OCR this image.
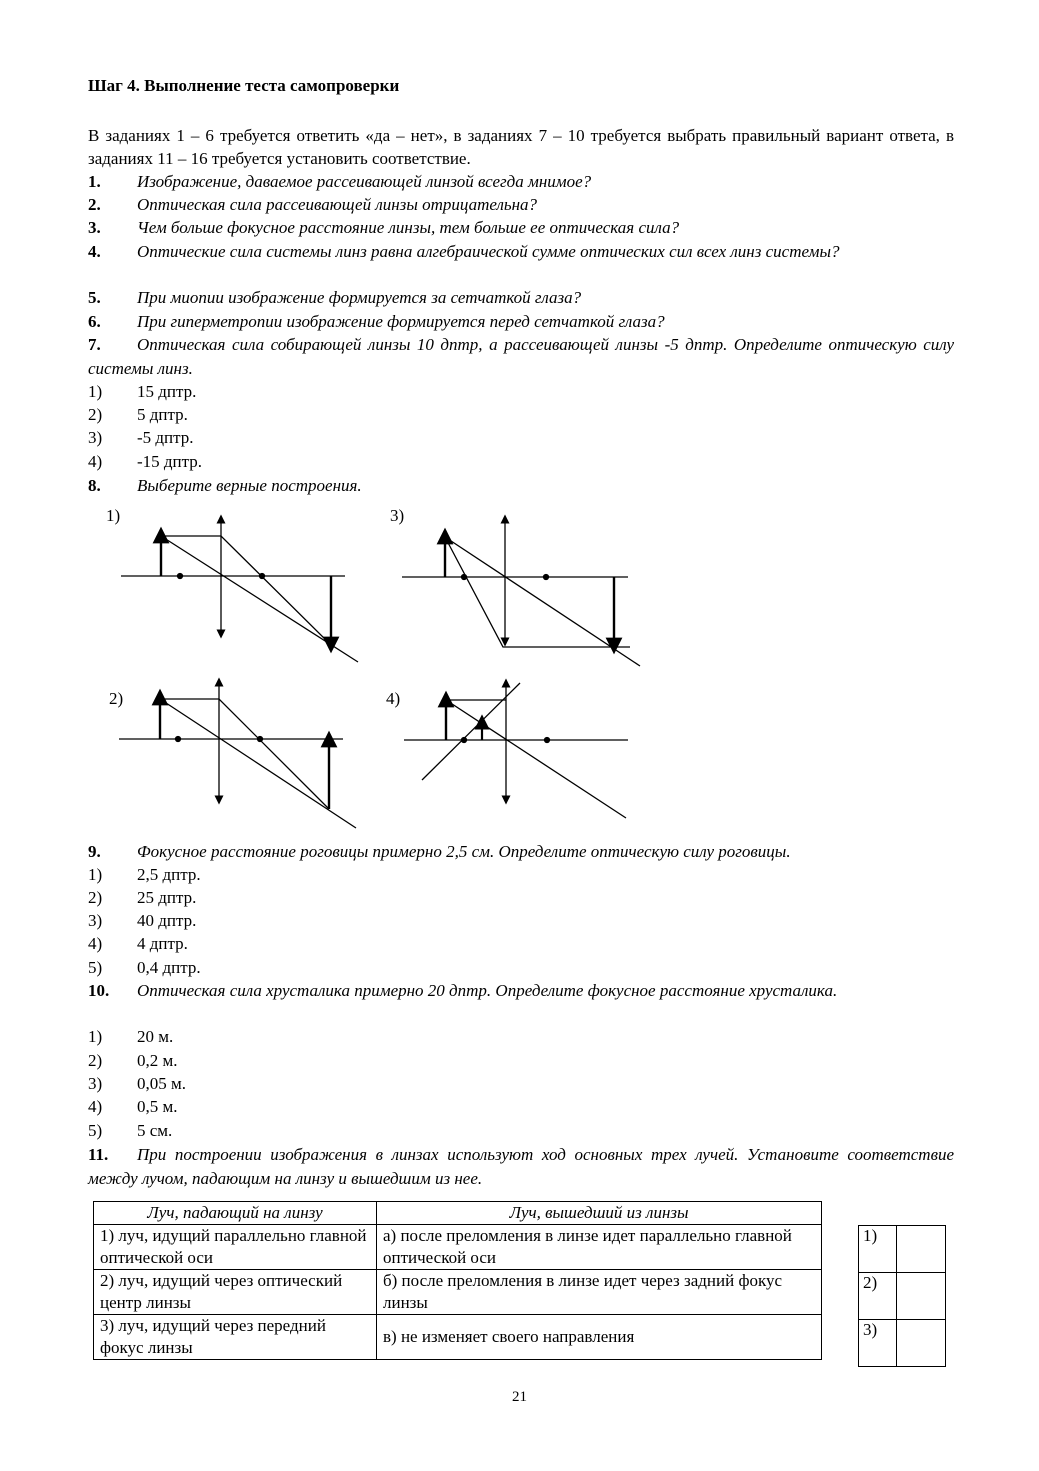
Шаг 4. Выполнение теста самопроверки
В заданиях 1 – 6 требуется ответить «да – нет», в заданиях 7 – 10 требуется выбрать правильный вариант ответа, в заданиях 11 – 16 требуется установить соответствие.
1. Изображение, даваемое рассеивающей линзой всегда мнимое?
2. Оптическая сила рассеивающей линзы отрицательна?
3. Чем больше фокусное расстояние линзы, тем больше ее оптическая сила?
4. Оптические сила системы линз равна алгебраической сумме оптических сил всех линз системы?
5. При миопии изображение формируется за сетчаткой глаза?
6. При гиперметропии изображение формируется перед сетчаткой глаза?
7. Оптическая сила собирающей линзы 10 дптр, а рассеивающей линзы -5 дптр. Определите оптическую силу системы линз.
1) 15 дптр.
2) 5 дптр.
3) -5 дптр.
4) -15 дптр.
8. Выберите верные построения.
1)	3)
2)	4)
9. Фокусное расстояние роговицы примерно 2,5 см. Определите оптическую силу роговицы.
1) 2,5 дптр.
2) 25 дптр.
3) 40 дптр.
4) 4 дптр.
5) 0,4 дптр.
10. Оптическая сила хрусталика примерно 20 дптр. Определите фокусное расстояние хрусталика.
1) 20 м.
2) 0,2 м.
3) 0,05 м.
4) 0,5 м.
5) 5 см.
11. При построении изображения в линзах используют ход основных трех лучей. Установите соответствие между лучом, падающим на линзу и вышедшим из нее.
Луч, падающий на линзу	Луч, вышедший из линзы
1) луч, идущий параллельно главной оптической оси	а) после преломления в линзе идет параллельно главной оптической оси
2) луч, идущий через оптический центр линзы	б) после преломления в линзе идет через задний фокус линзы
3) луч, идущий через передний фокус линзы	в) не изменяет своего направления
1)	
2)	
3)	
21
